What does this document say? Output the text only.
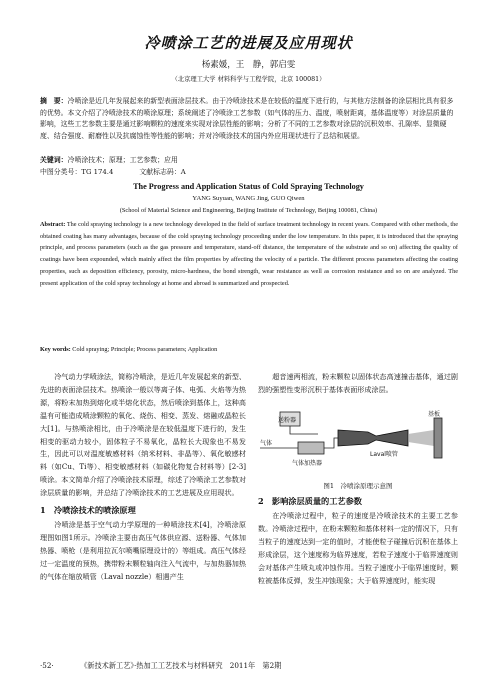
冷喷涂工艺的进展及应用现状
杨素媛，王　静，郭启雯
（北京理工大学 材料科学与工程学院，北京 100081）
摘　要：冷喷涂是近几年发展起来的新型表面涂层技术。由于冷喷涂技术是在较低的温度下进行的，与其他方法制备的涂层相比具有很多的优势。本文介绍了冷喷涂技术的喷涂原理；系统阐述了冷喷涂工艺参数（如气体的压力、温度，喷射距离，基体温度等）对涂层质量的影响，这些工艺参数主要是通过影响颗粒的速度来实现对涂层性能的影响；分析了不同的工艺参数对涂层的沉积效率、孔隙率、显微硬度、结合强度、耐磨性以及抗腐蚀性等性能的影响；并对冷喷涂技术的国内外应用现状进行了总结和展望。
关键词：冷喷涂技术；原理；工艺参数；应用
中图分类号：TG 174.4	文献标志码：A
The Progress and Application Status of Cold Spraying Technology
YANG Suyuan, WANG Jing, GUO Qiwen
(School of Material Science and Engineering, Beijing Institute of Technology, Beijing 100081, China)
Abstract: The cold spraying technology is a new technology developed in the field of surface treatment technology in recent years. Compared with other methods, the obtained coating has many advantages, because of the cold spraying technology proceeding under the low temperature. In this paper, it is introduced that the spraying principle, and process parameters (such as the gas pressure and temperature, stand-off distance, the temperature of the substrate and so on) affecting the quality of coatings have been expounded, which mainly affect the film properties by affecting the velocity of a particle. The different process parameters affecting the coating properties, such as deposition efficiency, porosity, micro-hardness, the bond strength, wear resistance as well as corrosion resistance and so on are analyzed. The present application of the cold spray technology at home and abroad is summarized and prospected.
Key words: Cold spraying; Principle; Process parameters; Application

冷气动力学喷涂法，简称冷喷涂，是近几年发展起来的新型、先进的表面涂层技术。热喷涂一般以等离子体、电弧、火焰等为热源，将粉末加热到熔化或半熔化状态，然后喷涂到基体上，这种高温有可能造成喷涂颗粒的氧化、烧伤、相变、蒸发、熔融或晶粒长大[1]。与热喷涂相比，由于冷喷涂是在较低温度下进行的，发生相变的驱动力较小，固体粒子不易氧化，晶粒长大现象也不易发生，因此可以对温度敏感材料（纳米材料、非晶等）、氧化敏感材料（如Cu、Ti等）、相变敏感材料（如碳化物复合材料等）[2-3]喷涂。本文简单介绍了冷喷涂技术原理，综述了冷喷涂工艺参数对涂层质量的影响，并总结了冷喷涂技术的工艺进展及应用现状。

1　冷喷涂技术的喷涂原理

冷喷涂是基于空气动力学原理的一种喷涂技术[4]，冷喷涂原理图如图1所示。冷喷涂主要由高压气体供应源、送粉器、气体加热器、喷枪（是利用拉瓦尔喷嘴原理设计的）等组成。高压气体经过一定温度的预热，携带粉末颗粒轴向注入气流中，与加热器加热的气体在缩放喷管（Laval nozzle）相遇产生

超音速两相流，粉末颗粒以固体状态高速撞击基体，通过剧烈的强塑性变形沉积于基体表面形成涂层。

送粉器
基板
气体
气体加热器
Laval喷管
图1　冷喷涂原理示意图
2　影响涂层质量的工艺参数

在冷喷涂过程中，粒子的速度是冷喷涂技术的主要工艺参数。冷喷涂过程中，在粉末颗粒和基体材料一定的情况下，只有当粒子的速度达到一定的值时，才能使粒子碰撞后沉积在基体上形成涂层，这个速度称为临界速度，若粒子速度小于临界速度则会对基体产生喷丸或冲蚀作用。当粒子速度小于临界速度时，颗粒被基体反弹，发生冲蚀现象；大于临界速度时，能实现

·52·	《新技术新工艺》·热加工工艺技术与材料研究　2011年　第2期
